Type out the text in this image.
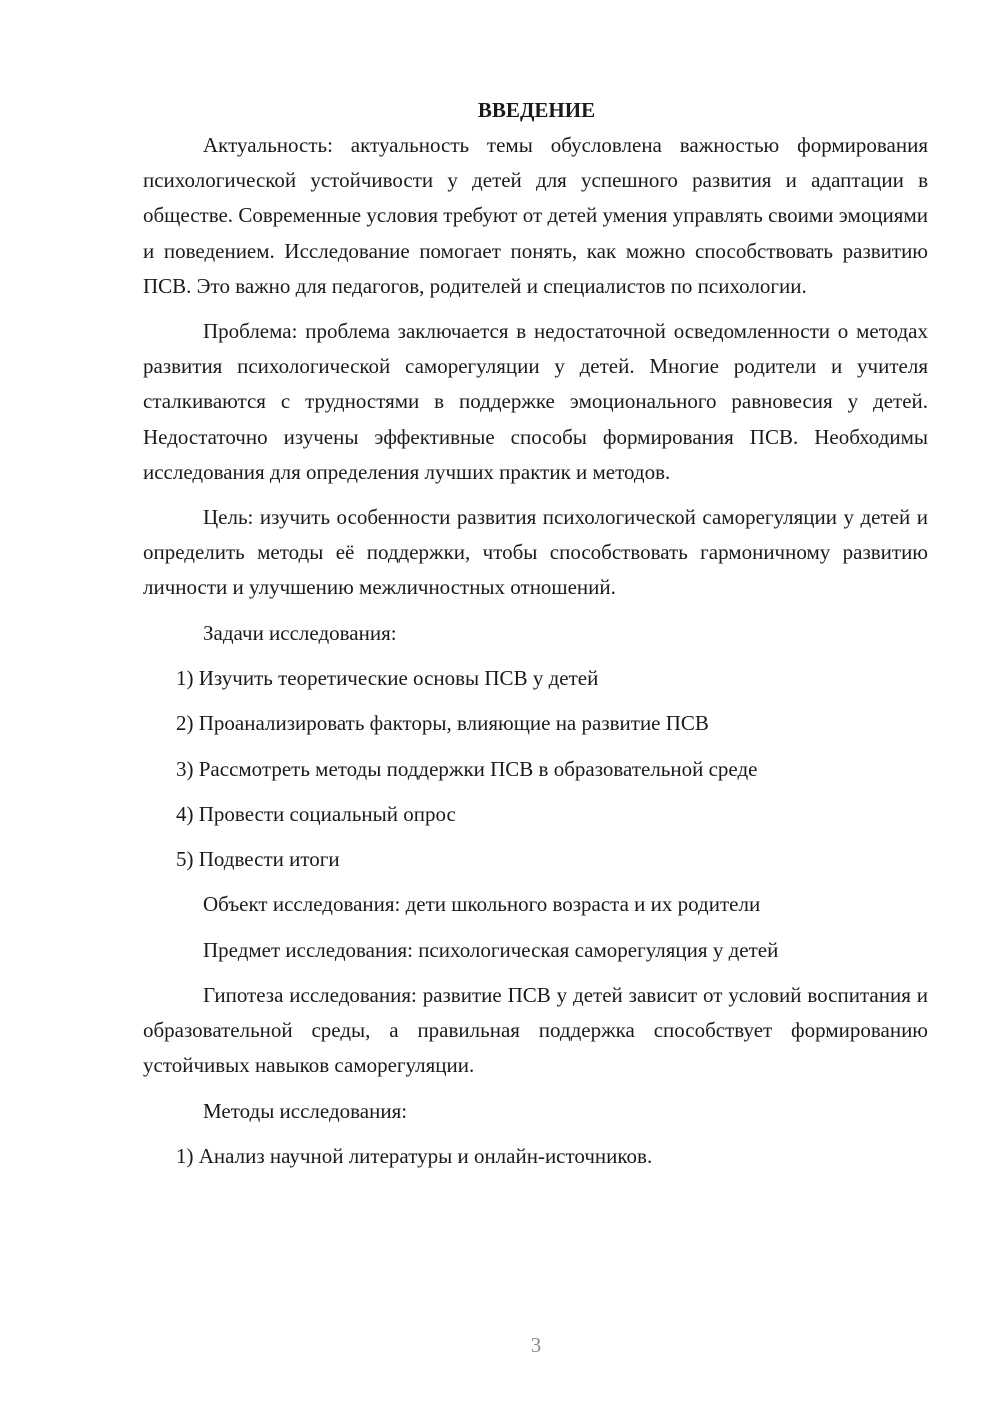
ВВЕДЕНИЕ

Актуальность: актуальность темы обусловлена важностью формирования психологической устойчивости у детей для успешного развития и адаптации в обществе. Современные условия требуют от детей умения управлять своими эмоциями и поведением. Исследование помогает понять, как можно способствовать развитию ПСВ. Это важно для педагогов, родителей и специалистов по психологии.

Проблема: проблема заключается в недостаточной осведомленности о методах развития психологической саморегуляции у детей. Многие родители и учителя сталкиваются с трудностями в поддержке эмоционального равновесия у детей. Недостаточно изучены эффективные способы формирования ПСВ. Необходимы исследования для определения лучших практик и методов.

Цель: изучить особенности развития психологической саморегуляции у детей и определить методы её поддержки, чтобы способствовать гармоничному развитию личности и улучшению межличностных отношений.

Задачи исследования:

1) Изучить теоретические основы ПСВ у детей

2) Проанализировать факторы, влияющие на развитие ПСВ

3) Рассмотреть методы поддержки ПСВ в образовательной среде

4) Провести социальный опрос

5) Подвести итоги

Объект исследования: дети школьного возраста и их родители

Предмет исследования: психологическая саморегуляция у детей

Гипотеза исследования: развитие ПСВ у детей зависит от условий воспитания и образовательной среды, а правильная поддержка способствует формированию устойчивых навыков саморегуляции.

Методы исследования:

1) Анализ научной литературы и онлайн-источников.

3
